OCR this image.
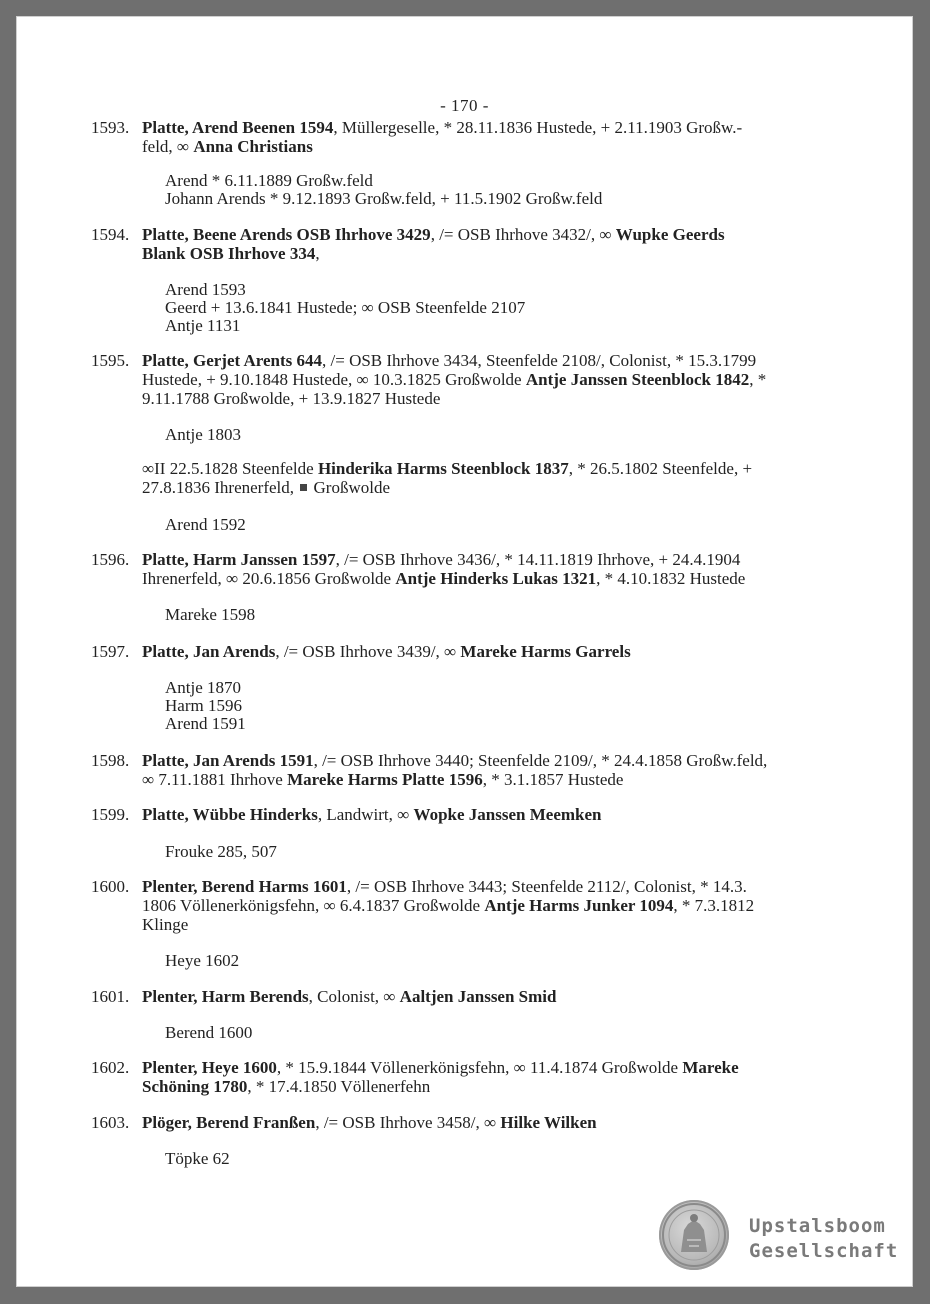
- 170 -
1593. Platte, Arend Beenen 1594, Müllergeselle, * 28.11.1836 Hustede, + 2.11.1903 Großw.-
feld, ∞ Anna Christians
Arend * 6.11.1889 Großw.feld
Johann Arends * 9.12.1893 Großw.feld, + 11.5.1902 Großw.feld
1594. Platte, Beene Arends OSB Ihrhove 3429, /= OSB Ihrhove 3432/, ∞ Wupke Geerds
Blank OSB Ihrhove 334,
Arend 1593
Geerd + 13.6.1841 Hustede; ∞ OSB Steenfelde 2107
Antje 1131
1595. Platte, Gerjet Arents 644, /= OSB Ihrhove 3434, Steenfelde 2108/, Colonist, * 15.3.1799
Hustede, + 9.10.1848 Hustede, ∞ 10.3.1825 Großwolde Antje Janssen Steenblock 1842, *
9.11.1788 Großwolde, + 13.9.1827 Hustede
Antje 1803
∞II 22.5.1828 Steenfelde Hinderika Harms Steenblock 1837, * 26.5.1802 Steenfelde, +
27.8.1836 Ihrenerfeld,  Großwolde
Arend 1592
1596. Platte, Harm Janssen 1597, /= OSB Ihrhove 3436/, * 14.11.1819 Ihrhove, + 24.4.1904
Ihrenerfeld, ∞ 20.6.1856 Großwolde Antje Hinderks Lukas 1321, * 4.10.1832 Hustede
Mareke 1598
1597. Platte, Jan Arends, /= OSB Ihrhove 3439/, ∞ Mareke Harms Garrels
Antje 1870
Harm 1596
Arend 1591
1598. Platte, Jan Arends 1591, /= OSB Ihrhove 3440; Steenfelde 2109/, * 24.4.1858 Großw.feld,
∞ 7.11.1881 Ihrhove Mareke Harms Platte 1596, * 3.1.1857 Hustede
1599. Platte, Wübbe Hinderks, Landwirt, ∞ Wopke Janssen Meemken
Frouke 285, 507
1600. Plenter, Berend Harms 1601, /= OSB Ihrhove 3443; Steenfelde 2112/, Colonist, * 14.3.
1806 Völlenerkönigsfehn, ∞ 6.4.1837 Großwolde Antje Harms Junker 1094, * 7.3.1812
Klinge
Heye 1602
1601. Plenter, Harm Berends, Colonist, ∞ Aaltjen Janssen Smid
Berend 1600
1602. Plenter, Heye 1600, * 15.9.1844 Völlenerkönigsfehn, ∞ 11.4.1874 Großwolde Mareke
Schöning 1780, * 17.4.1850 Völlenerfehn
1603. Plöger, Berend Franßen, /= OSB Ihrhove 3458/, ∞ Hilke Wilken
Töpke 62
Upstalsboom
Gesellschaft
